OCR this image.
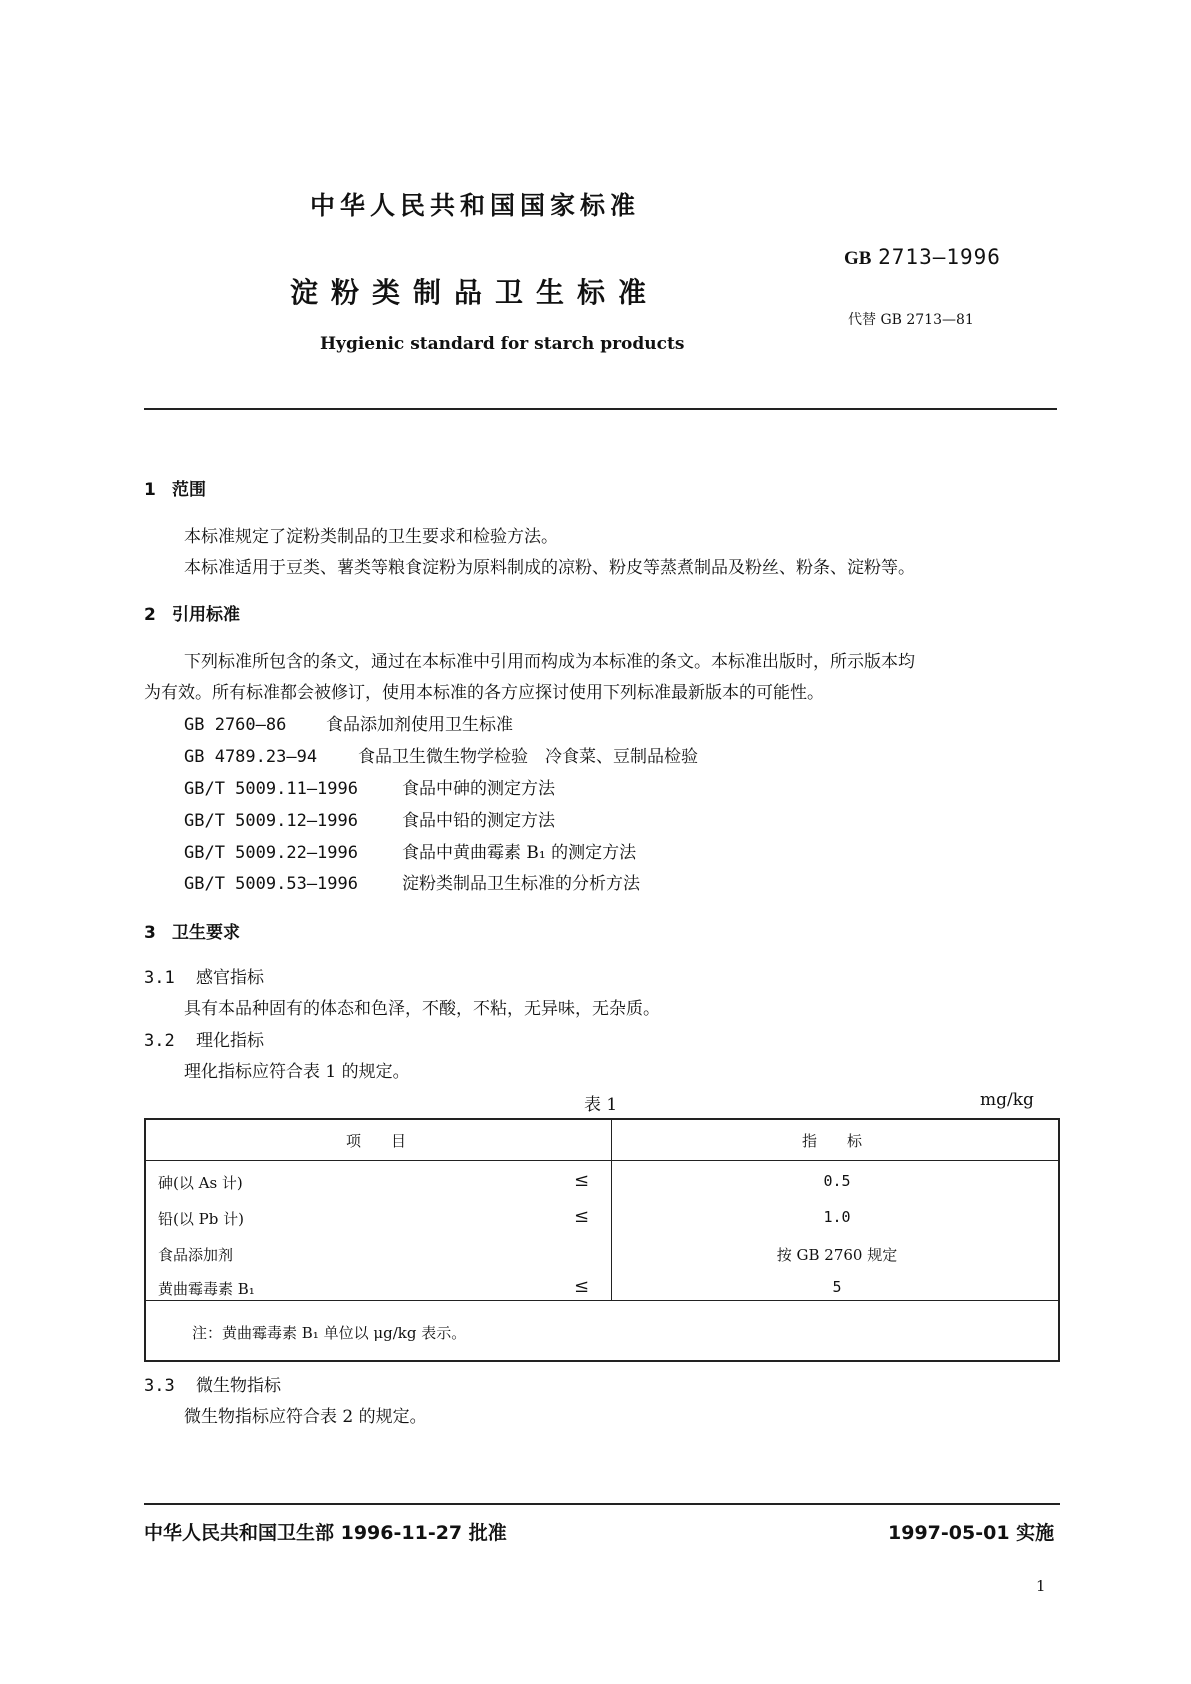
中华人民共和国国家标准
淀粉类制品卫生标准
Hygienic standard for starch products
GB 2713—1996
代替 GB 2713—81
1 范围
本标准规定了淀粉类制品的卫生要求和检验方法。
本标准适用于豆类、薯类等粮食淀粉为原料制成的凉粉、粉皮等蒸煮制品及粉丝、粉条、淀粉等。
2 引用标准
下列标准所包含的条文，通过在本标准中引用而构成为本标准的条文。本标准出版时，所示版本均
为有效。所有标准都会被修订，使用本标准的各方应探讨使用下列标准最新版本的可能性。
GB 2760—86 食品添加剂使用卫生标准
GB 4789.23—94 食品卫生微生物学检验　冷食菜、豆制品检验
GB/T 5009.11—1996	食品中砷的测定方法
GB/T 5009.12—1996	食品中铅的测定方法
GB/T 5009.22—1996	食品中黄曲霉素 B₁ 的测定方法
GB/T 5009.53—1996	淀粉类制品卫生标准的分析方法
3 卫生要求
3.1 感官指标
具有本品种固有的体态和色泽，不酸，不粘，无异味，无杂质。
3.2 理化指标
理化指标应符合表 1 的规定。
表 1	mg/kg
项　　目	指　　标
砷(以 As 计)	≤	0.5
铅(以 Pb 计)	≤	1.0
食品添加剂	按 GB 2760 规定
黄曲霉毒素 B₁	≤	5
注：黄曲霉毒素 B₁ 单位以 μg/kg 表示。
3.3 微生物指标
微生物指标应符合表 2 的规定。
中华人民共和国卫生部 1996-11-27 批准	1997-05-01 实施
1
